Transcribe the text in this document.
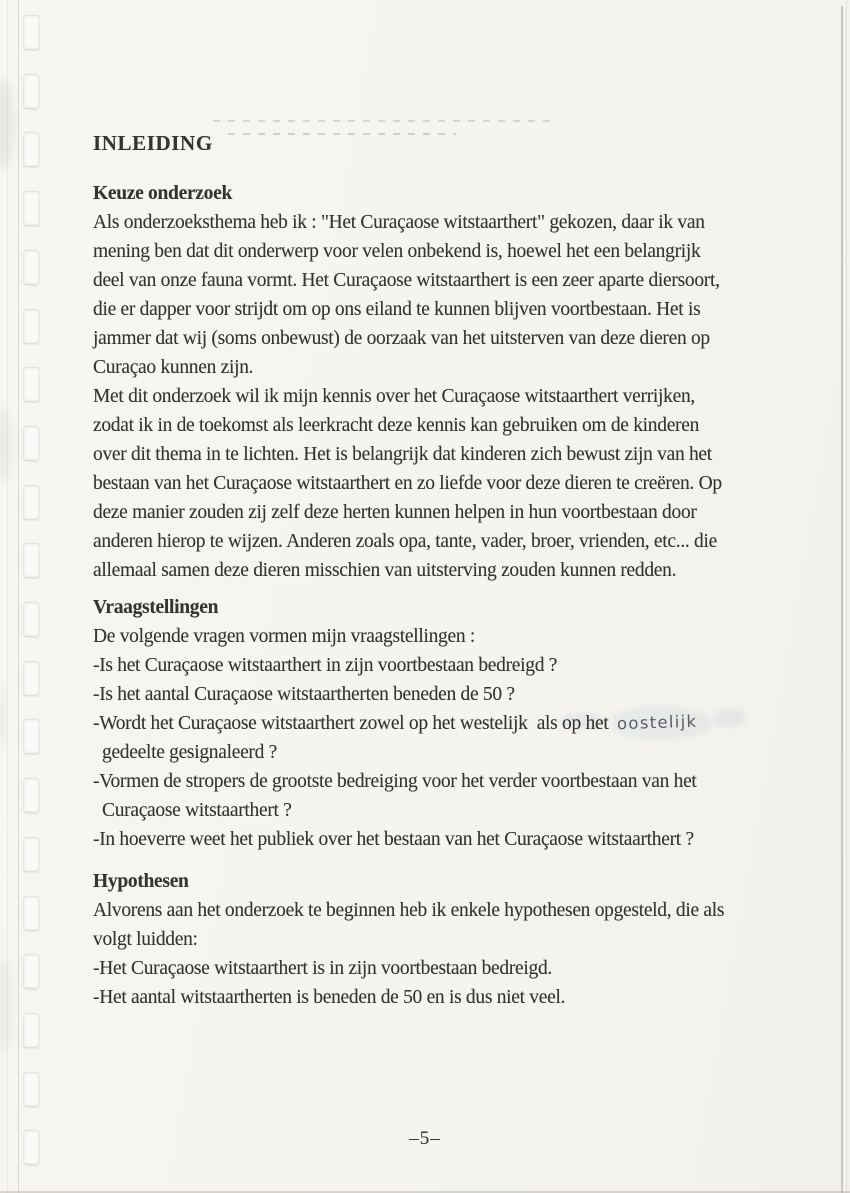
INLEIDING
Keuze onderzoek
Als onderzoeksthema heb ik : "Het Curaçaose witstaarthert" gekozen, daar ik van
mening ben dat dit onderwerp voor velen onbekend is, hoewel het een belangrijk
deel van onze fauna vormt. Het Curaçaose witstaarthert is een zeer aparte diersoort,
die er dapper voor strijdt om op ons eiland te kunnen blijven voortbestaan. Het is
jammer dat wij (soms onbewust) de oorzaak van het uitsterven van deze dieren op
Curaçao kunnen zijn.
Met dit onderzoek wil ik mijn kennis over het Curaçaose witstaarthert verrijken,
zodat ik in de toekomst als leerkracht deze kennis kan gebruiken om de kinderen
over dit thema in te lichten. Het is belangrijk dat kinderen zich bewust zijn van het
bestaan van het Curaçaose witstaarthert en zo liefde voor deze dieren te creëren. Op
deze manier zouden zij zelf deze herten kunnen helpen in hun voortbestaan door
anderen hierop te wijzen. Anderen zoals opa, tante, vader, broer, vrienden, etc... die
allemaal samen deze dieren misschien van uitsterving zouden kunnen redden.
Vraagstellingen
De volgende vragen vormen mijn vraagstellingen :
-Is het Curaçaose witstaarthert in zijn voortbestaan bedreigd ?
-Is het aantal Curaçaose witstaartherten beneden de 50 ?
-Wordt het Curaçaose witstaarthert zowel op het westelijk  als op het oostelijk
gedeelte gesignaleerd ?
-Vormen de stropers de grootste bedreiging voor het verder voortbestaan van het
Curaçaose witstaarthert ?
-In hoeverre weet het publiek over het bestaan van het Curaçaose witstaarthert ?
Hypothesen
Alvorens aan het onderzoek te beginnen heb ik enkele hypothesen opgesteld, die als
volgt luidden:
-Het Curaçaose witstaarthert is in zijn voortbestaan bedreigd.
-Het aantal witstaartherten is beneden de 50 en is dus niet veel.
–5–
